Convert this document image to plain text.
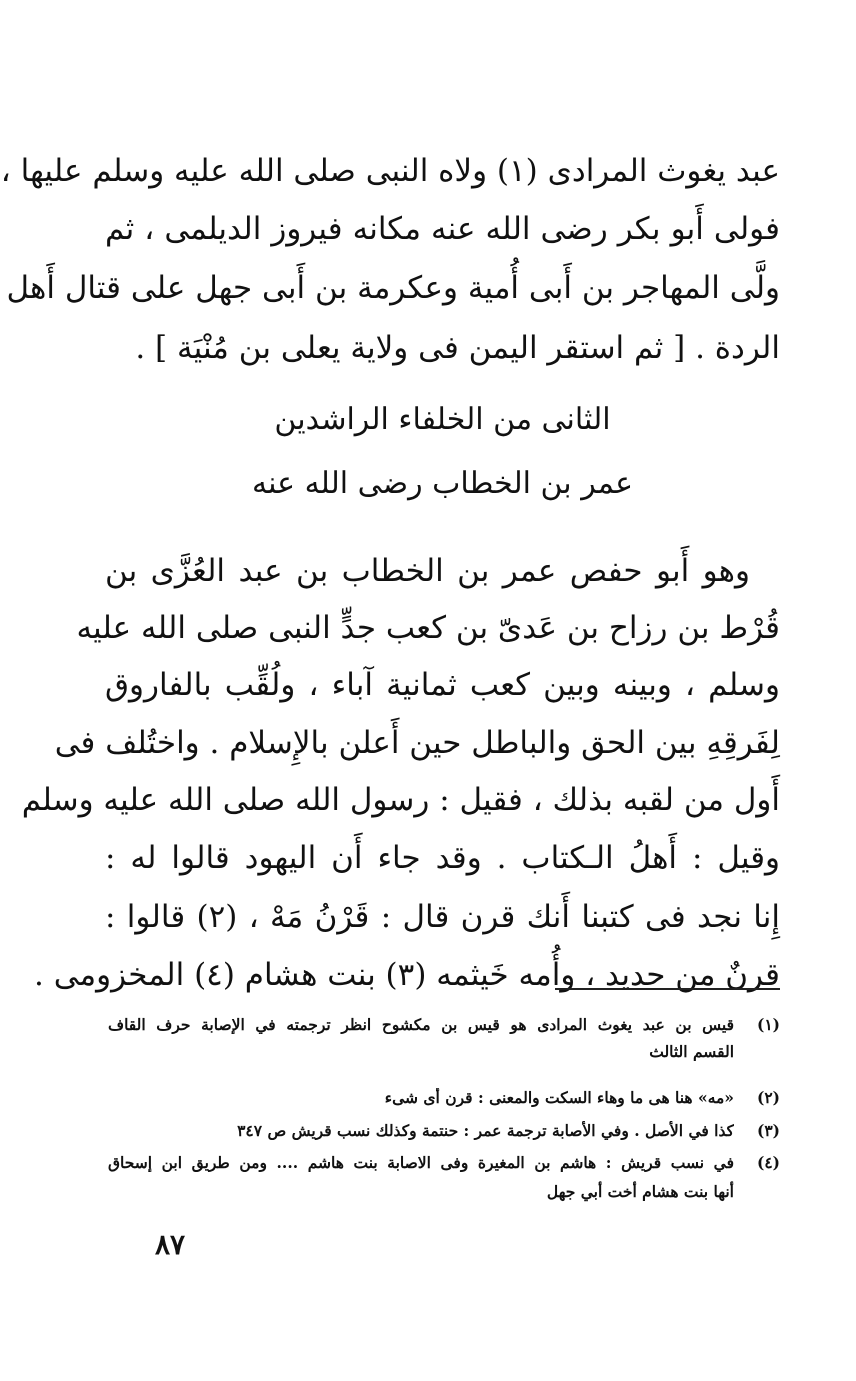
عبد يغوث المرادى (١) ولاه النبى صلى الله عليه وسلم عليها ،
فولى أَبو بكر رضى الله عنه مكانه فيروز الديلمى ، ثم
ولَّى المهاجر بن أَبى أُمية وعكرمة بن أَبى جهل على قتال أَهل
الردة . [ ثم استقر اليمن فى ولاية يعلى بن مُنْيَة ] .
الثانى من الخلفاء الراشدين
عمر بن الخطاب رضى الله عنه
وهو أَبو حفص عمر بن الخطاب بن عبد العُزَّى بن
قُرْط بن رزاح بن عَدىّ بن كعب جدٍّ النبى صلى الله عليه
وسلم ، وبينه وبين كعب ثمانية آباء ، ولُقِّب بالفاروق
لِفَرقِهِ بين الحق والباطل حين أَعلن بالإِسلام . واختُلف فى
أَول من لقبه بذلك ، فقيل : رسول الله صلى الله عليه وسلم
وقيل : أَهلُ الـكتاب . وقد جاء أَن اليهود قالوا له :
إِنا نجد فى كتبنا أَنك قرن قال : قَرْنُ مَهْ ، (٢) قالوا :
قرنٌ من حديد ، وأُمه خَيثمه (٣) بنت هشام (٤) المخزومى .
(١)
قيس بن عبد يغوث المرادى هو قيس بن مكشوح انظر ترجمته في الإصابة حرف القاف
القسم الثالث
(٢)
«مه» هنا هى ما وهاء السكت والمعنى : قرن أى شىء
(٣)
كذا في الأصل . وفي الأصابة ترجمة عمر : حنتمة وكذلك نسب قريش ص ٣٤٧
(٤)
في نسب قريش : هاشم بن المغيرة وفى الاصابة بنت هاشم .... ومن طريق ابن إسحاق
أنها بنت هشام أخت أبي جهل
٨٧
